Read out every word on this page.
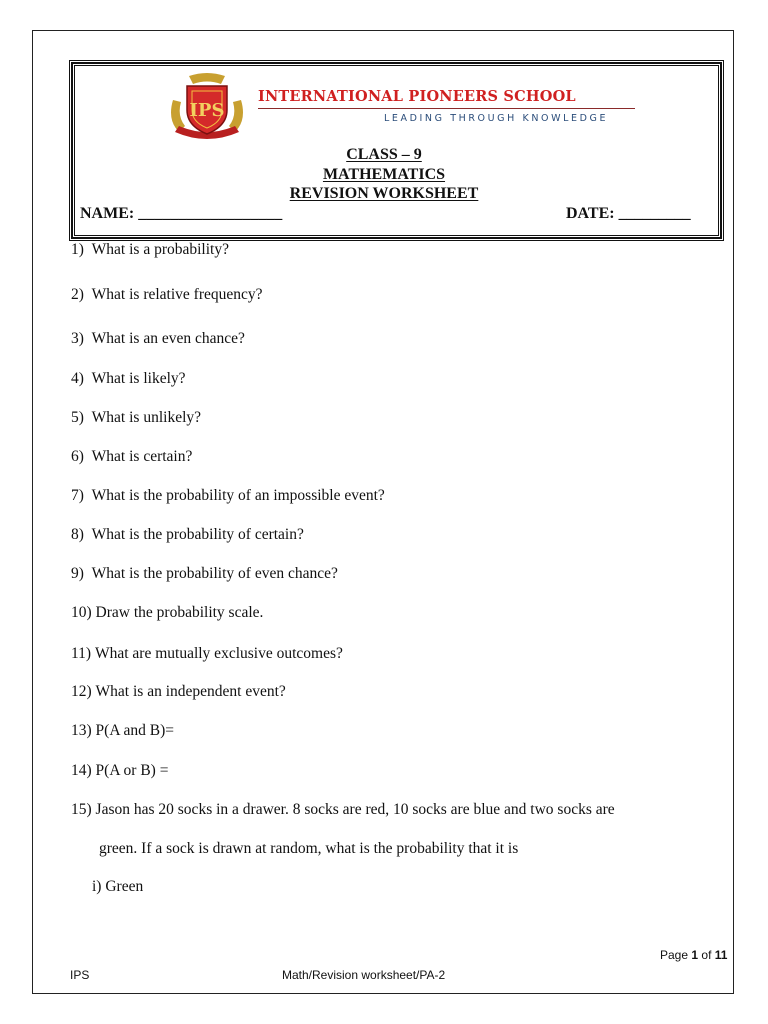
IPS
INTERNATIONAL PIONEERS SCHOOL
LEADING THROUGH KNOWLEDGE
CLASS – 9
MATHEMATICS
REVISION WORKSHEET
NAME: __________________	DATE: _________
1) What is a probability?
2) What is relative frequency?
3) What is an even chance?
4) What is likely?
5) What is unlikely?
6) What is certain?
7) What is the probability of an impossible event?
8) What is the probability of certain?
9) What is the probability of even chance?
10) Draw the probability scale.
11) What are mutually exclusive outcomes?
12) What is an independent event?
13) P(A and B)=
14) P(A or B) =
15) Jason has 20 socks in a drawer. 8 socks are red, 10 socks are blue and two socks are
green. If a sock is drawn at random, what is the probability that it is
i) Green
Page 1 of 11
IPS	Math/Revision worksheet/PA-2
